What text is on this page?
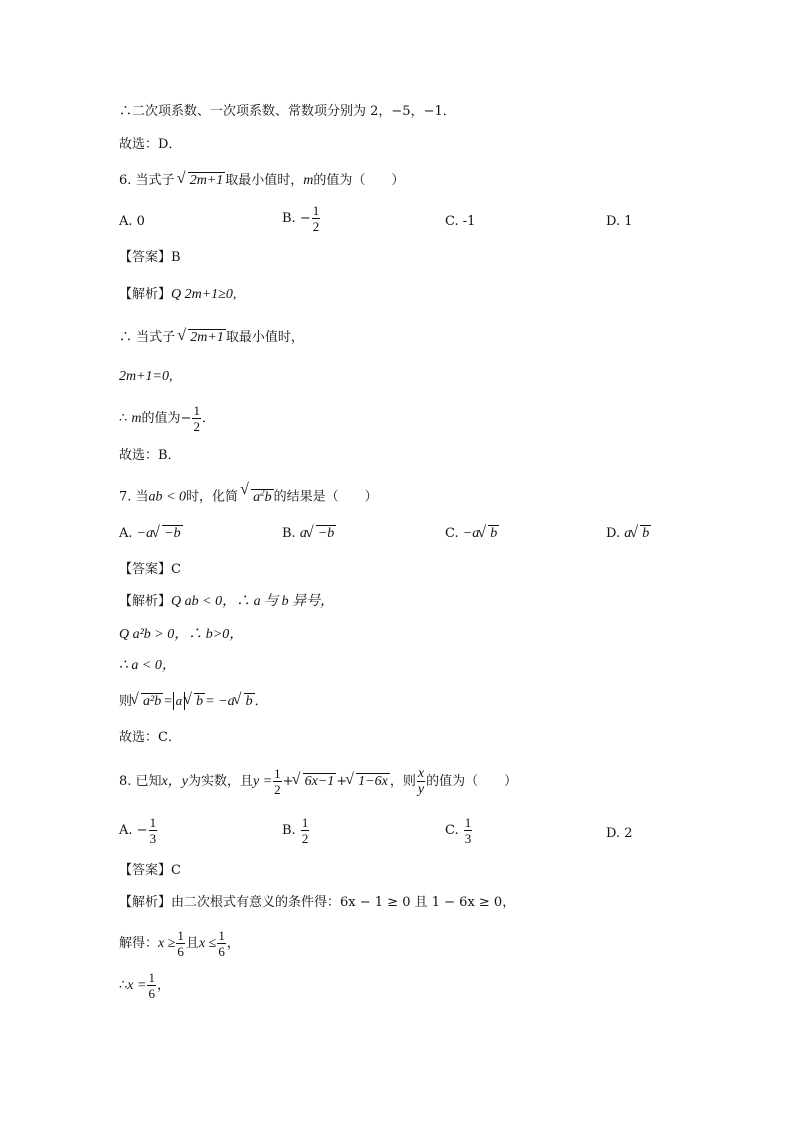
∴二次项系数、一次项系数、常数项分别为 2，−5，−1．
故选：D．
6. 当式子 √ 2m+1 取最小值时，m的值为（　　）
A. 0	B. − $\frac{1}{2}$	C. -1	D. 1
【答案】B
【解析】Q 2m+1≥0,
∴ 当式子 √ 2m+1 取最小值时，
2m+1=0,
∴ m的值为− $\frac{1}{2}$ ．
故选：B．
7. 当ab < 0时，化简 √ $a^2b$ 的结果是（　　）
A. −a √ −b	B. a √ −b	C. −a √ b	D. a √ b
【答案】C
【解析】Q ab < 0，∴ a 与 b 异号，
Q a²b > 0，∴ b>0，
∴ a < 0，
则 √ a²b = a √ b = −a √ b ．
故选：C．
8. 已知x，y为实数，且$y = \frac{1}{2}$ + √ 6x−1 + √ 1−6x ，则 $\frac{x}{y}$ 的值为（　　）
A. − $\frac{1}{3}$	B. $\frac{1}{2}$	C. $\frac{1}{3}$	D. 2
【答案】C
【解析】由二次根式有意义的条件得：6x − 1 ≥ 0 且 1 − 6x ≥ 0，
解得：$x \ge \frac{1}{6}$ 且$x \le \frac{1}{6}$ ，
∴x = $\frac{1}{6}$ ，
